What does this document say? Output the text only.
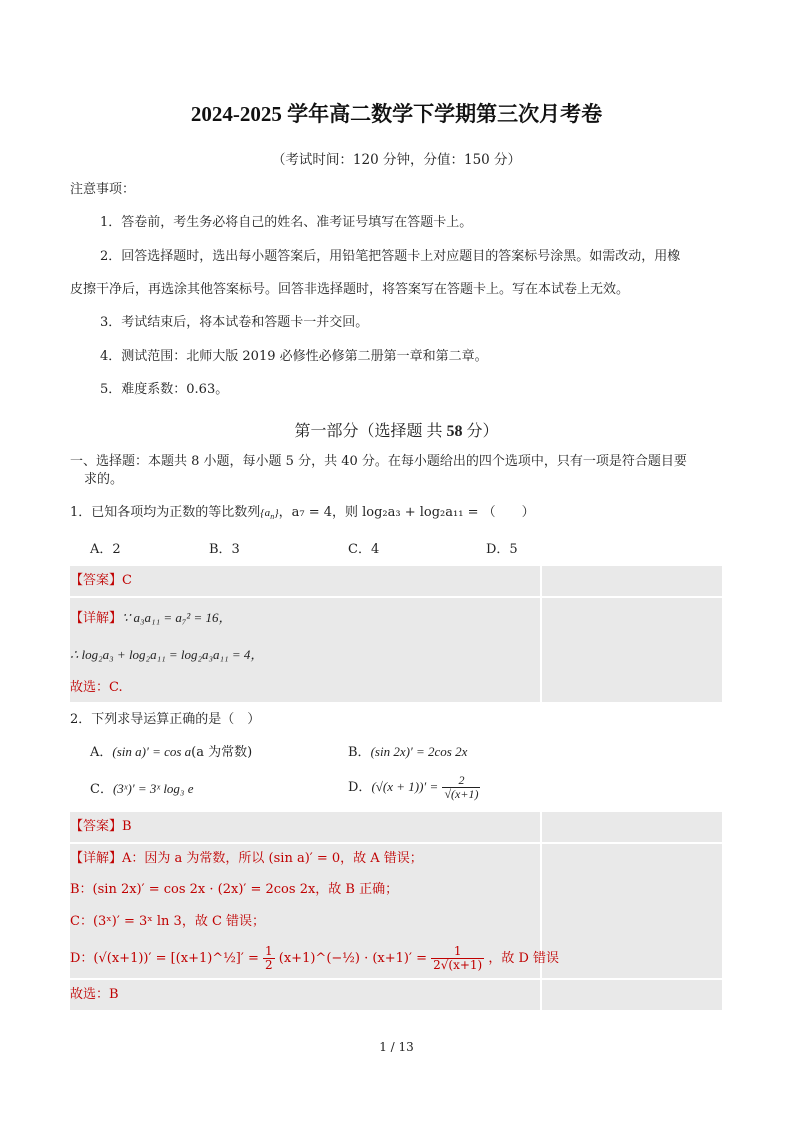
2024-2025 学年高二数学下学期第三次月考卷
（考试时间：120 分钟，分值：150 分）
注意事项：
1．答卷前，考生务必将自己的姓名、准考证号填写在答题卡上。
2．回答选择题时，选出每小题答案后，用铅笔把答题卡上对应题目的答案标号涂黑。如需改动，用橡
皮擦干净后，再选涂其他答案标号。回答非选择题时，将答案写在答题卡上。写在本试卷上无效。
3．考试结束后，将本试卷和答题卡一并交回。
4．测试范围：北师大版 2019 必修性必修第二册第一章和第二章。
5．难度系数：0.63。
第一部分（选择题 共 58 分）
一、选择题：本题共 8 小题，每小题 5 分，共 40 分。在每小题给出的四个选项中，只有一项是符合题目要
求的。
1．已知各项均为正数的等比数列$\{a_n\}$，a₇ = 4，则 log₂a₃ + log₂a₁₁ = （　　）
A．2	B．3	C．4	D．5
【答案】C
【详解】∵ a₃a₁₁ = a₇² = 16，
∴ log₂a₃ + log₂a₁₁ = log₂a₃a₁₁ = 4，
故选：C.
2．下列求导运算正确的是（　）
A．(sin a)′ = cos a(a 为常数)	B．(sin 2x)′ = 2cos 2x
C．(3ˣ)′ = 3ˣ log₃ e	D．$(√(x + 1))' = \frac{2}{√(x+1)}$
【答案】B
【详解】A：因为 a 为常数，所以 (sin a)′ = 0，故 A 错误；
B：(sin 2x)′ = cos 2x · (2x)′ = 2cos 2x，故 B 正确；
C：(3ˣ)′ = 3ˣ ln 3，故 C 错误；
D：(√(x+1))′ = [(x+1)^½]′ = $\frac{1}{2}$ (x+1)^(−½) · $(x+1)' = \frac{1}{2√(x+1)}$ ，故 D 错误
故选：B
1 / 13
